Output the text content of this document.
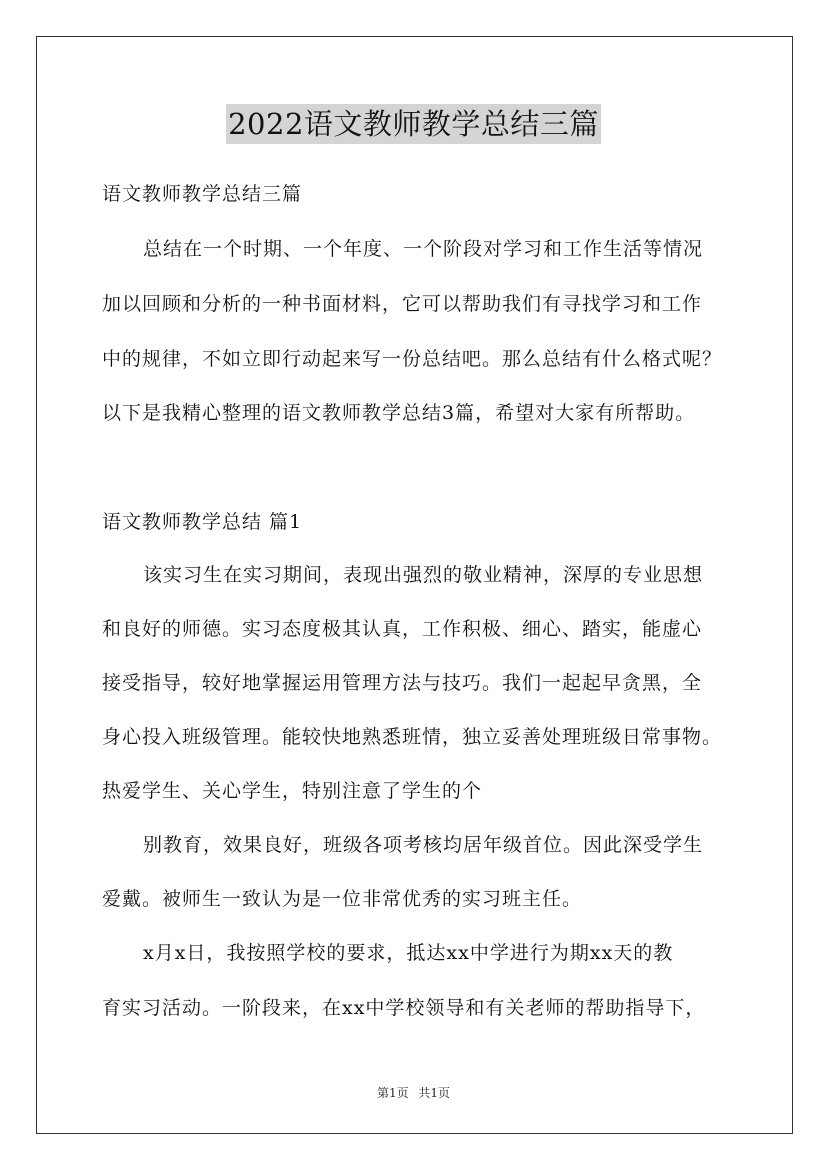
2022语文教师教学总结三篇
语文教师教学总结三篇
总结在一个时期、一个年度、一个阶段对学习和工作生活等情况
加以回顾和分析的一种书面材料，它可以帮助我们有寻找学习和工作
中的规律，不如立即行动起来写一份总结吧。那么总结有什么格式呢？
以下是我精心整理的语文教师教学总结3篇，希望对大家有所帮助。
语文教师教学总结 篇1
该实习生在实习期间，表现出强烈的敬业精神，深厚的专业思想
和良好的师德。实习态度极其认真，工作积极、细心、踏实，能虚心
接受指导，较好地掌握运用管理方法与技巧。我们一起起早贪黑，全
身心投入班级管理。能较快地熟悉班情，独立妥善处理班级日常事物。
热爱学生、关心学生，特别注意了学生的个
别教育，效果良好，班级各项考核均居年级首位。因此深受学生
爱戴。被师生一致认为是一位非常优秀的实习班主任。
x月x日，我按照学校的要求，抵达xx中学进行为期xx天的教
育实习活动。一阶段来，在xx中学校领导和有关老师的帮助指导下，
第1页 共1页
